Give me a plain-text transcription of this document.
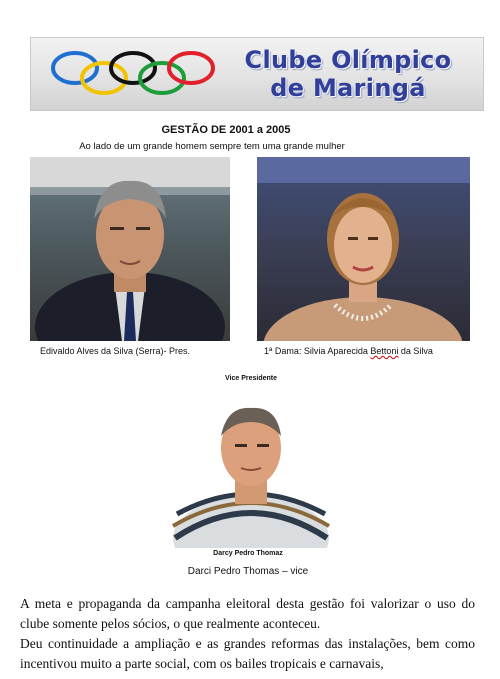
Clube Olímpico
de Maringá
GESTÃO DE 2001 a 2005
Ao lado de um grande homem sempre tem uma grande mulher
Edivaldo Alves da Silva (Serra)- Pres.	1ª Dama: Silvia Aparecida Bettoni da Silva
Vice Presidente
Darcy Pedro Thomaz
Darci Pedro Thomas – vice

A meta e propaganda da campanha eleitoral desta gestão foi valorizar o uso do clube somente pelos sócios, o que realmente aconteceu.

Deu continuidade a ampliação e as grandes reformas das instalações, bem como incentivou muito a parte social, com os bailes tropicais e carnavais,
